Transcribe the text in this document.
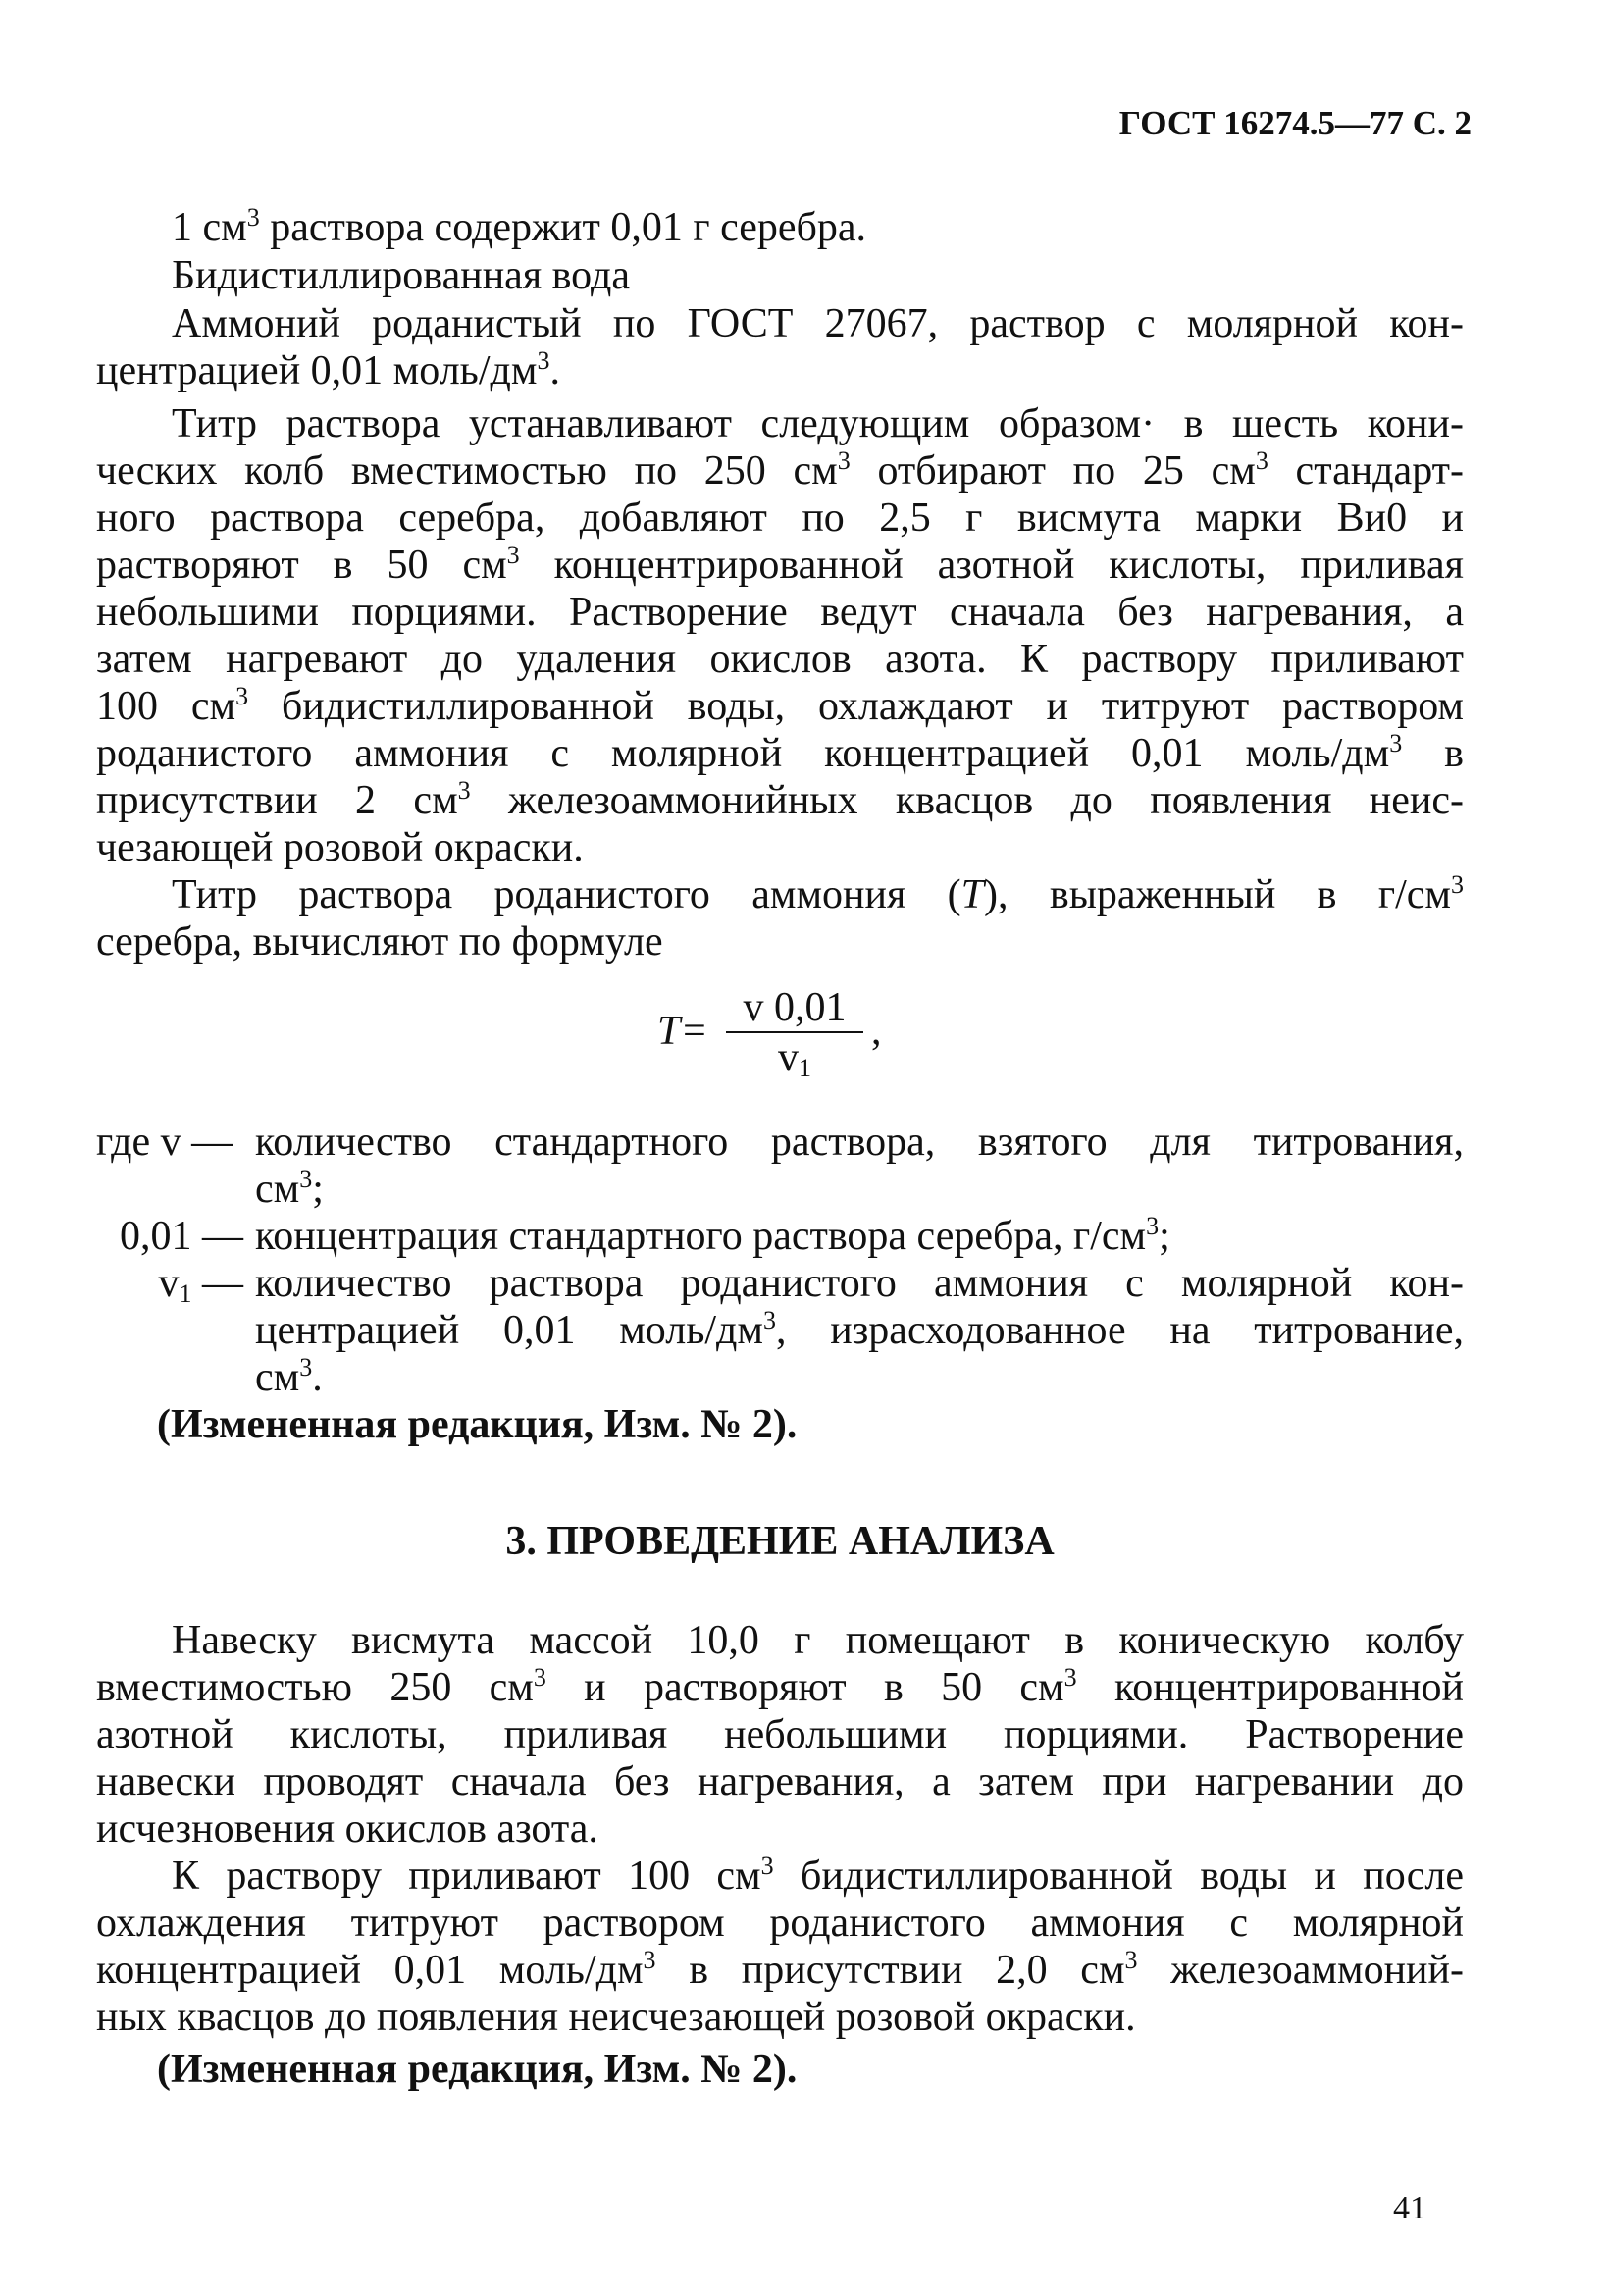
ГОСТ 16274.5—77 С. 2
1 $см^3$ раствора содержит 0,01 г серебра.
Бидистиллированная вода
Аммоний роданистый по ГОСТ 27067, раствор с молярной кон-
центрацией 0,01 моль/$дм^3$.
Титр раствора устанавливают следующим образом· в шесть кони-
ческих колб вместимостью по 250 $см^3$ отбирают по 25 $см^3$ стандарт-
ного раствора серебра, добавляют по 2,5 г висмута марки Ви0 и
растворяют в 50 $см^3$ концентрированной азотной кислоты, приливая
небольшими порциями. Растворение ведут сначала без нагревания, а
затем нагревают до удаления окислов азота. К раствору приливают
100 $см^3$ бидистиллированной воды, охлаждают и титруют раствором
роданистого аммония с молярной концентрацией 0,01 моль/$дм^3$ в
присутствии 2 $см^3$ железоаммонийных квасцов до появления неис-
чезающей розовой окраски.
Титр раствора роданистого аммония (T), выраженный в $г/см^3$
серебра, вычисляют по формуле
$T= \frac{v 0,01}{v_1}$ ,
где v — количество стандартного раствора, взятого для титрования,
$см^3$;
0,01 — концентрация стандартного раствора серебра, $г/см^3$;
$v_1$ — количество раствора роданистого аммония с молярной кон-
центрацией 0,01 моль/$дм^3$, израсходованное на титрование,
$см^3$.
(Измененная редакция, Изм. № 2).
3. ПРОВЕДЕНИЕ АНАЛИЗА
Навеску висмута массой 10,0 г помещают в коническую колбу
вместимостью 250 $см^3$ и растворяют в 50 $см^3$ концентрированной
азотной кислоты, приливая небольшими порциями. Растворение
навески проводят сначала без нагревания, а затем при нагревании до
исчезновения окислов азота.
К раствору приливают 100 $см^3$ бидистиллированной воды и после
охлаждения титруют раствором роданистого аммония с молярной
концентрацией 0,01 моль/$дм^3$ в присутствии 2,0 $см^3$ железоаммоний-
ных квасцов до появления неисчезающей розовой окраски.
(Измененная редакция, Изм. № 2).
41
